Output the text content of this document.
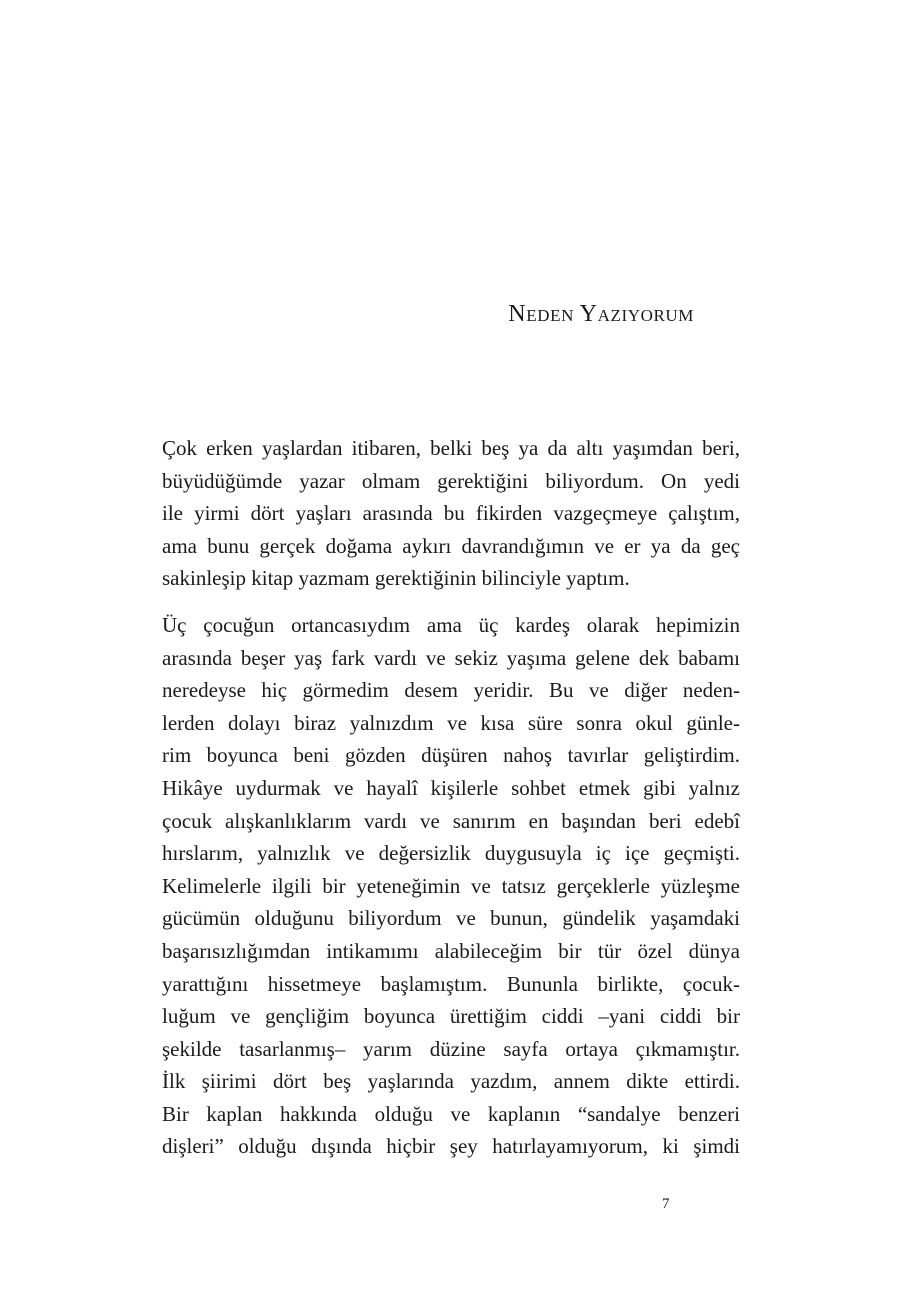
Neden Yazıyorum

Çok erken yaşlardan itibaren, belki beş ya da altı yaşımdan beri,
büyüdüğümde yazar olmam gerektiğini biliyordum. On yedi
ile yirmi dört yaşları arasında bu fikirden vazgeçmeye çalıştım,
ama bunu gerçek doğama aykırı davrandığımın ve er ya da geç
sakinleşip kitap yazmam gerektiğinin bilinciyle yaptım.

Üç çocuğun ortancasıydım ama üç kardeş olarak hepimizin
arasında beşer yaş fark vardı ve sekiz yaşıma gelene dek babamı
neredeyse hiç görmedim desem yeridir. Bu ve diğer neden-
lerden dolayı biraz yalnızdım ve kısa süre sonra okul günle-
rim boyunca beni gözden düşüren nahoş tavırlar geliştirdim.
Hikâye uydurmak ve hayalî kişilerle sohbet etmek gibi yalnız
çocuk alışkanlıklarım vardı ve sanırım en başından beri edebî
hırslarım, yalnızlık ve değersizlik duygusuyla iç içe geçmişti.
Kelimelerle ilgili bir yeteneğimin ve tatsız gerçeklerle yüzleşme
gücümün olduğunu biliyordum ve bunun, gündelik yaşamdaki
başarısızlığımdan intikamımı alabileceğim bir tür özel dünya
yarattığını hissetmeye başlamıştım. Bununla birlikte, çocuk-
luğum ve gençliğim boyunca ürettiğim ciddi –yani ciddi bir
şekilde tasarlanmış– yarım düzine sayfa ortaya çıkmamıştır.
İlk şiirimi dört beş yaşlarında yazdım, annem dikte ettirdi.
Bir kaplan hakkında olduğu ve kaplanın “sandalye benzeri
dişleri” olduğu dışında hiçbir şey hatırlayamıyorum, ki şimdi

7
